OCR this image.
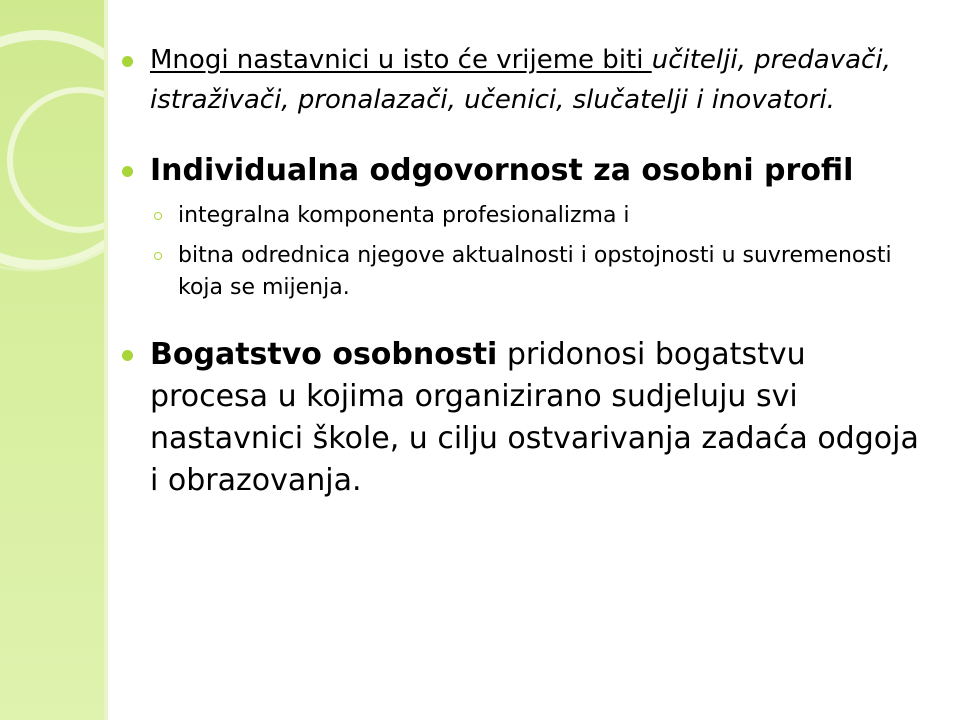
Mnogi nastavnici u isto će vrijeme biti učitelji, predavači, istraživači, pronalazači, učenici, slučatelji i inovatori.
Individualna odgovornost za osobni profil
integralna komponenta profesionalizma i
bitna odrednica njegove aktualnosti i opstojnosti u suvremenosti koja se mijenja.
Bogatstvo osobnosti pridonosi bogatstvu procesa u kojima organizirano sudjeluju svi nastavnici škole, u cilju ostvarivanja zadaća odgoja i obrazovanja.
